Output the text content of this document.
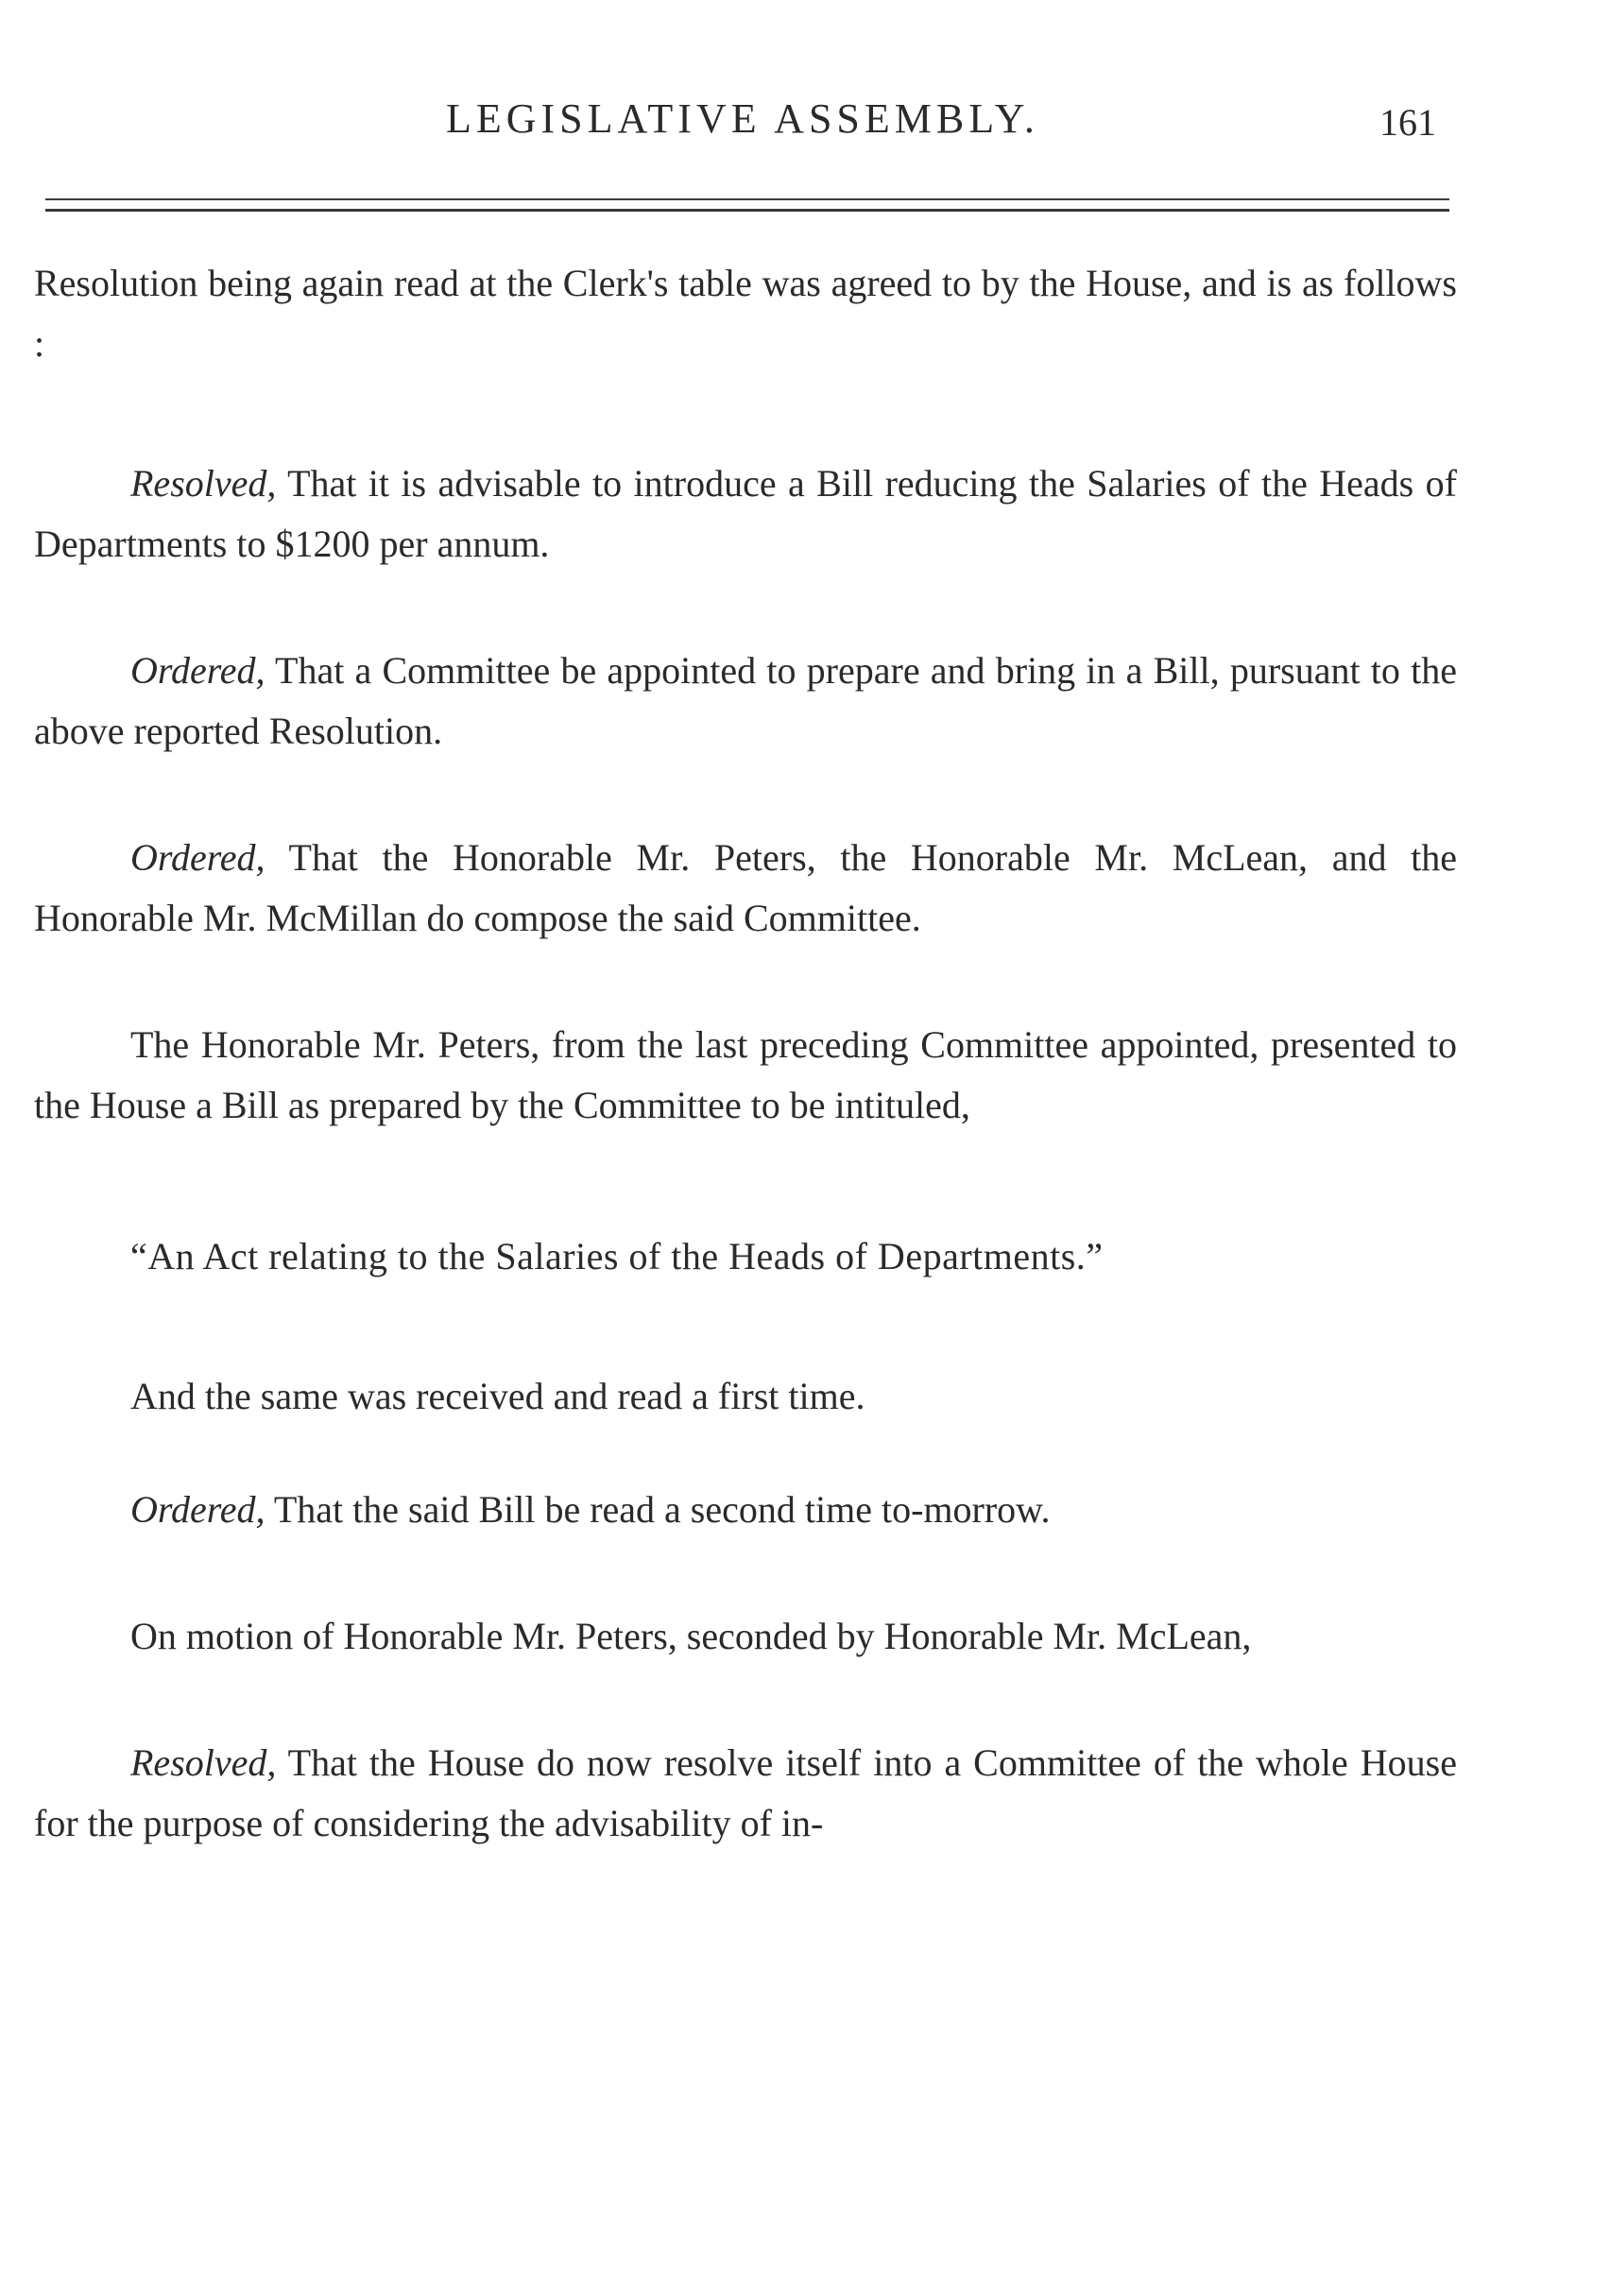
LEGISLATIVE ASSEMBLY.	161

Resolution being again read at the Clerk's table was agreed to by the House, and is as follows :

Resolved, That it is advisable to introduce a Bill reducing the Salaries of the Heads of Departments to $1200 per annum.

Ordered, That a Committee be appointed to prepare and bring in a Bill, pursuant to the above reported Resolution.

Ordered, That the Honorable Mr. Peters, the Honorable Mr. McLean, and the Honorable Mr. McMillan do compose the said Committee.

The Honorable Mr. Peters, from the last preceding Committee appointed, presented to the House a Bill as prepared by the Committee to be intituled,

“An Act relating to the Salaries of the Heads of Departments.”

And the same was received and read a first time.

Ordered, That the said Bill be read a second time to-morrow.

On motion of Honorable Mr. Peters, seconded by Honorable Mr. McLean,

Resolved, That the House do now resolve itself into a Committee of the whole House for the purpose of considering the advisability of in-
